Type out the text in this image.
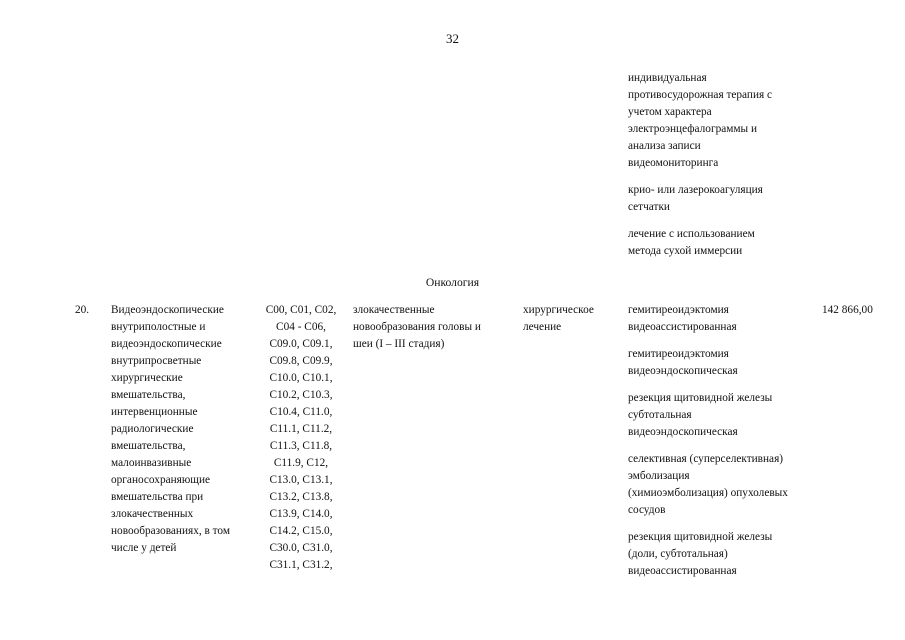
32
индивидуальная
противосудорожная терапия с
учетом характера
электроэнцефалограммы и
анализа записи
видеомониторинга
крио- или лазерокоагуляция
сетчатки
лечение с использованием
метода сухой иммерсии
Онкология
20.	Видеоэндоскопические
внутриполостные и
видеоэндоскопические
внутрипросветные
хирургические
вмешательства,
интервенционные
радиологические
вмешательства,
малоинвазивные
органосохраняющие
вмешательства при
злокачественных
новообразованиях, в том
числе у детей
C00, C01, C02,
C04 - C06,
C09.0, C09.1,
C09.8, C09.9,
C10.0, C10.1,
C10.2, C10.3,
C10.4, C11.0,
C11.1, C11.2,
C11.3, C11.8,
C11.9, C12,
C13.0, C13.1,
C13.2, C13.8,
C13.9, C14.0,
C14.2, C15.0,
C30.0, C31.0,
C31.1, C31.2,
злокачественные
новообразования головы и
шеи (I – III стадия)
хирургическое
лечение
гемитиреоидэктомия
видеоассистированная
гемитиреоидэктомия
видеоэндоскопическая
резекция щитовидной железы
субтотальная
видеоэндоскопическая
селективная (суперселективная)
эмболизация
(химиоэмболизация) опухолевых
сосудов
резекция щитовидной железы
(доли, субтотальная)
видеоассистированная
142 866,00
